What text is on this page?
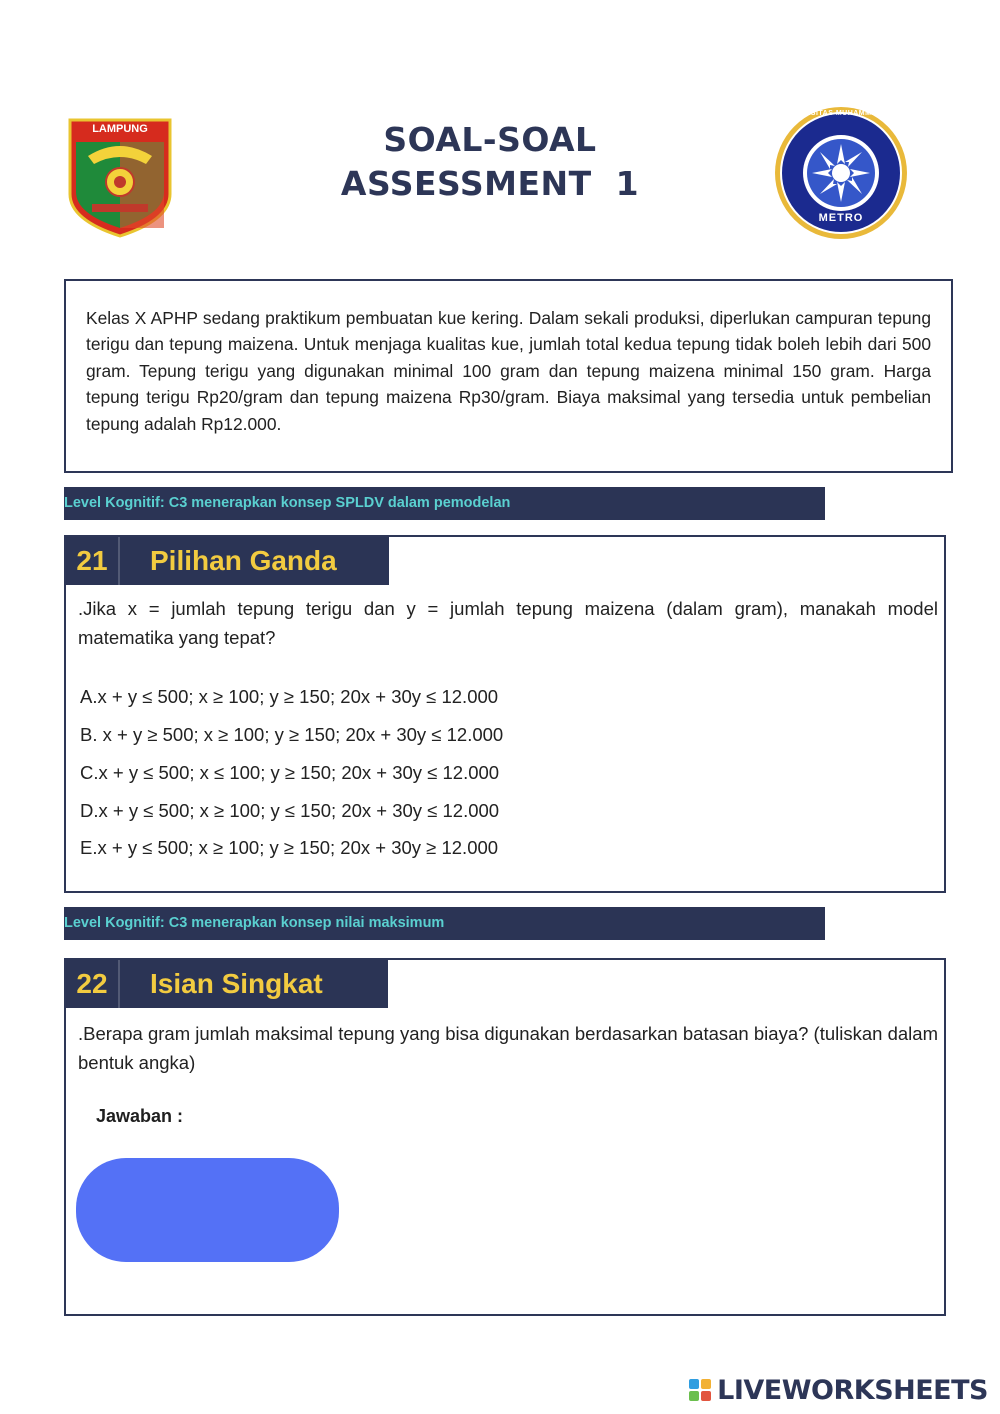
LAMPUNG	SOAL-SOAL
ASSESSMENT  1
UNIVERSITAS MUHAMMADIYAH
METRO

Kelas X APHP sedang praktikum pembuatan kue kering. Dalam sekali produksi, diperlukan campuran tepung terigu dan tepung maizena. Untuk menjaga kualitas kue, jumlah total kedua tepung tidak boleh lebih dari 500 gram. Tepung terigu yang digunakan minimal 100 gram dan tepung maizena minimal 150 gram. Harga tepung terigu Rp20/gram dan tepung maizena Rp30/gram. Biaya maksimal yang tersedia untuk pembelian tepung adalah Rp12.000.

Level Kognitif: C3 menerapkan konsep SPLDV dalam pemodelan
21	Pilihan Ganda

.Jika x = jumlah tepung terigu dan y = jumlah tepung maizena (dalam gram), manakah model matematika yang tepat?

A.x + y ≤ 500; x ≥ 100; y ≥ 150; 20x + 30y ≤ 12.000
B. x + y ≥ 500; x ≥ 100; y ≥ 150; 20x + 30y ≤ 12.000
C.x + y ≤ 500; x ≤ 100; y ≥ 150; 20x + 30y ≤ 12.000
D.x + y ≤ 500; x ≥ 100; y ≤ 150; 20x + 30y ≤ 12.000
E.x + y ≤ 500; x ≥ 100; y ≥ 150; 20x + 30y ≥ 12.000
Level Kognitif: C3 menerapkan konsep nilai maksimum
22	Isian Singkat

.Berapa gram jumlah maksimal tepung yang bisa digunakan berdasarkan batasan biaya? (tuliskan dalam bentuk angka)

Jawaban :
LIVEWORKSHEETS
